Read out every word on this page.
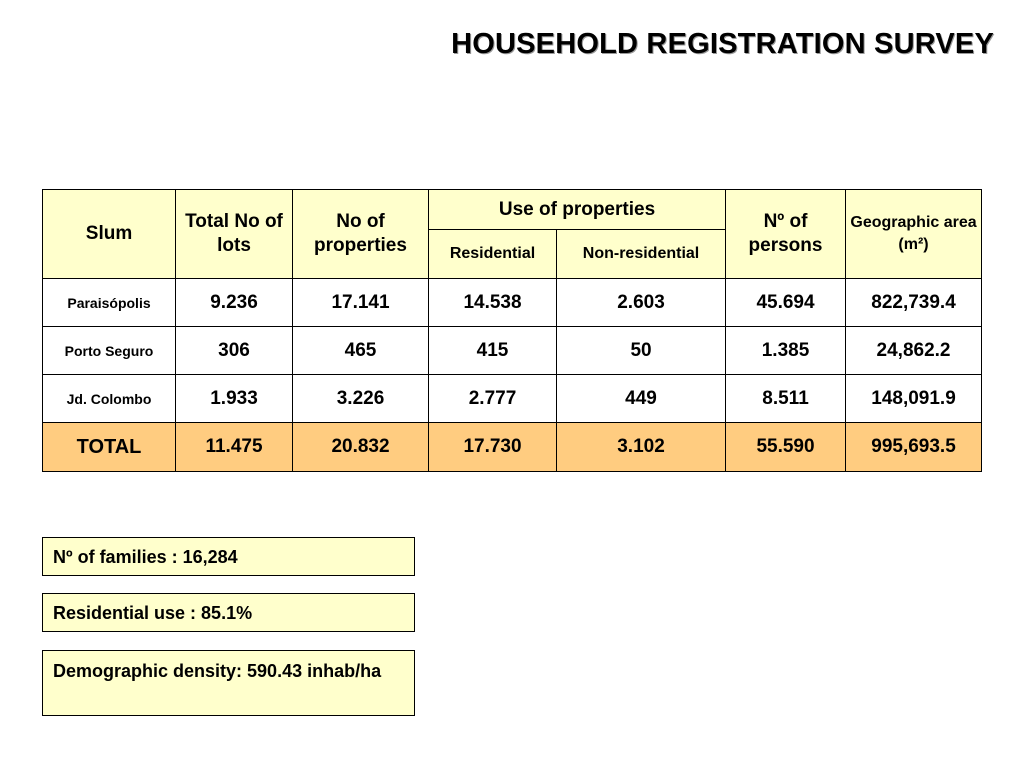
HOUSEHOLD REGISTRATION SURVEY
Slum	Total No of lots	No of properties	Use of properties		Nº of persons	Geographic area (m²)
			Residential	Non-residential		
Paraisópolis	9.236	17.141	14.538	2.603	45.694	822,739.4
Porto Seguro	306	465	415	50	1.385	24,862.2
Jd. Colombo	1.933	3.226	2.777	449	8.511	148,091.9
TOTAL	11.475	20.832	17.730	3.102	55.590	995,693.5
Nº of families : 16,284
Residential use : 85.1%
Demographic density: 590.43 inhab/ha
